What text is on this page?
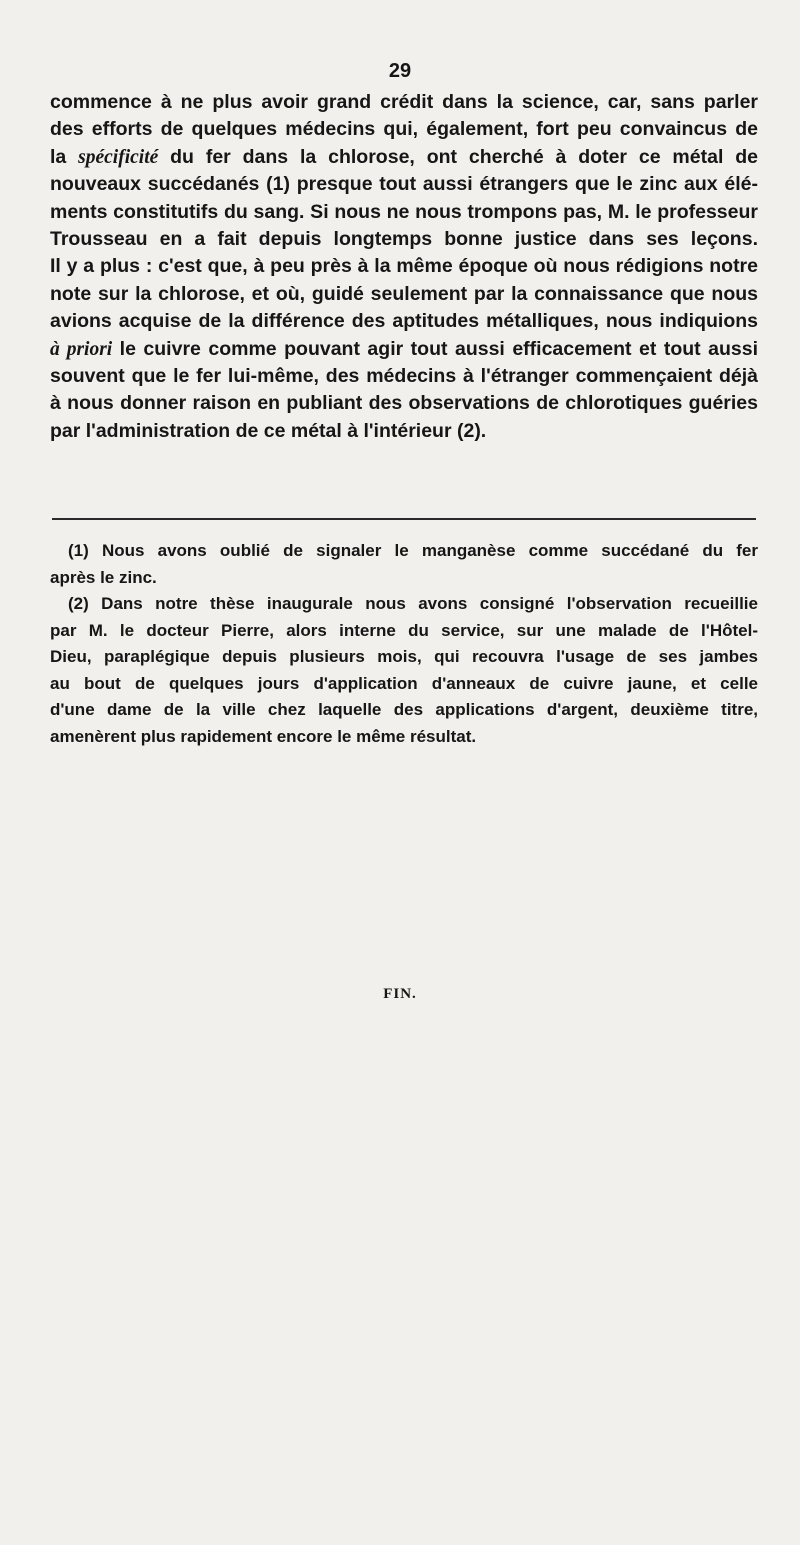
29
commence à ne plus avoir grand crédit dans la science, car, sans parler
des efforts de quelques médecins qui, également, fort peu convaincus de
la spécificité du fer dans la chlorose, ont cherché à doter ce métal de
nouveaux succédanés (1) presque tout aussi étrangers que le zinc aux élé-
ments constitutifs du sang. Si nous ne nous trompons pas, M. le professeur
Trousseau en a fait depuis longtemps bonne justice dans ses leçons.
Il y a plus : c'est que, à peu près à la même époque où nous rédigions notre
note sur la chlorose, et où, guidé seulement par la connaissance que nous
avions acquise de la différence des aptitudes métalliques, nous indiquions
à priori le cuivre comme pouvant agir tout aussi efficacement et tout aussi
souvent que le fer lui-même, des médecins à l'étranger commençaient déjà
à nous donner raison en publiant des observations de chlorotiques guéries
par l'administration de ce métal à l'intérieur (2).
(1) Nous avons oublié de signaler le manganèse comme succédané du fer
après le zinc.
(2) Dans notre thèse inaugurale nous avons consigné l'observation recueillie
par M. le docteur Pierre, alors interne du service, sur une malade de l'Hôtel-
Dieu, paraplégique depuis plusieurs mois, qui recouvra l'usage de ses jambes
au bout de quelques jours d'application d'anneaux de cuivre jaune, et celle
d'une dame de la ville chez laquelle des applications d'argent, deuxième titre,
amenèrent plus rapidement encore le même résultat.
FIN.
